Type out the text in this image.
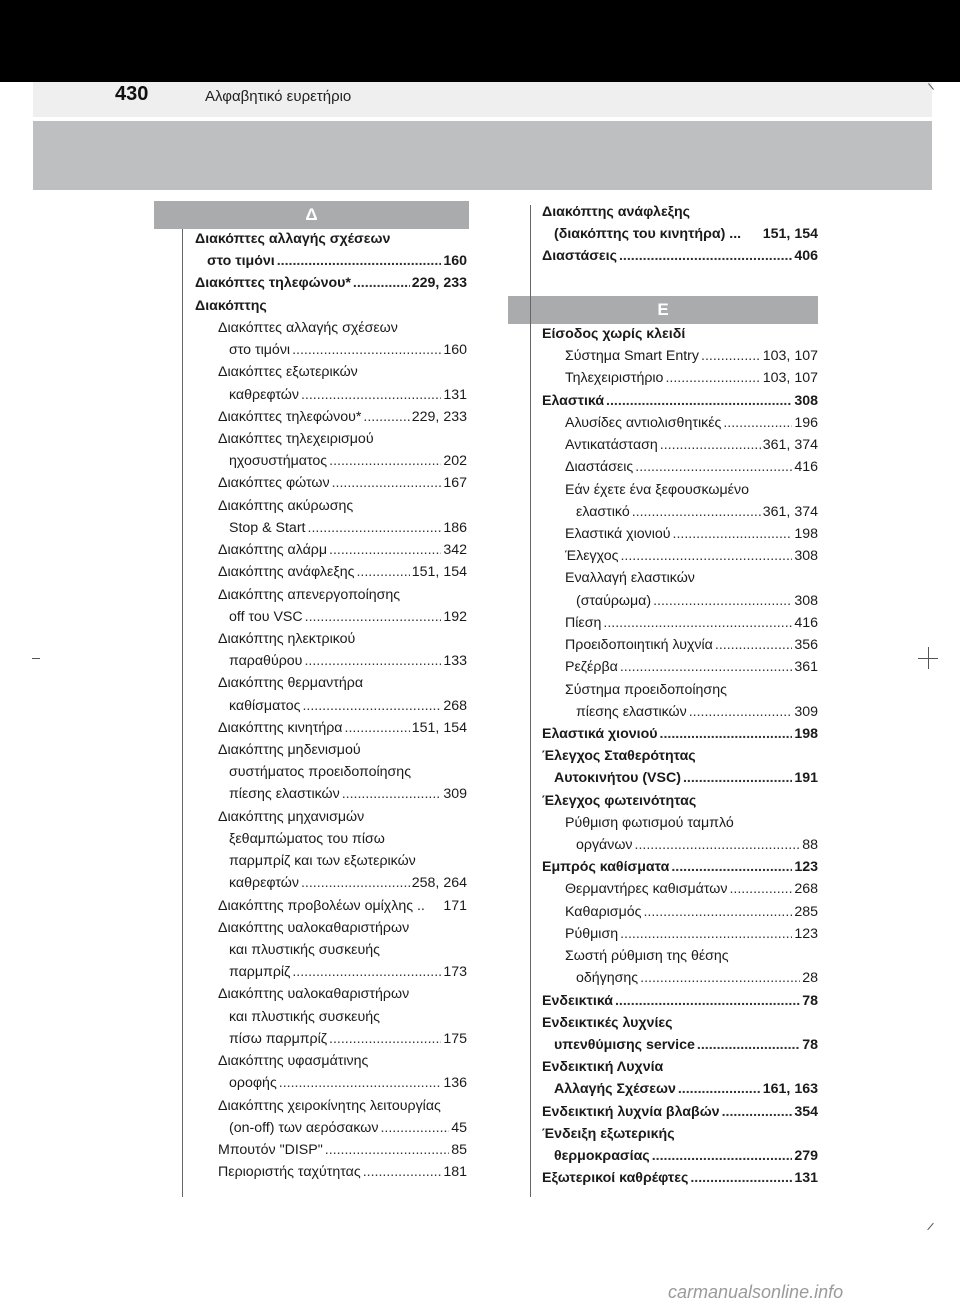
430	Αλφαβητικό ευρετήριο
Δ
Ε
Διακόπτες αλλαγής σχέσεων
στο τιμόνι .....	160
Διακόπτες τηλεφώνου* .....	229, 233
Διακόπτης
Διακόπτες αλλαγής σχέσεων
στο τιμόνι .....	160
Διακόπτες εξωτερικών
καθρεφτών .....	131
Διακόπτες τηλεφώνου* .....	229, 233
Διακόπτες τηλεχειρισμού
ηχοσυστήματος .....	202
Διακόπτες φώτων .....	167
Διακόπτης ακύρωσης
Stop & Start .....	186
Διακόπτης αλάρμ .....	342
Διακόπτης ανάφλεξης .....	151, 154
Διακόπτης απενεργοποίησης
off του VSC .....	192
Διακόπτης ηλεκτρικού
παραθύρου .....	133
Διακόπτης θερμαντήρα
καθίσματος .....	268
Διακόπτης κινητήρα .....	151, 154
Διακόπτης μηδενισμού
συστήματος προειδοποίησης
πίεσης ελαστικών .....	309
Διακόπτης μηχανισμών
ξεθαμπώματος του πίσω
παρμπρίζ και των εξωτερικών
καθρεφτών .....	258, 264
Διακόπτης προβολέων ομίχλης .. 171
Διακόπτης υαλοκαθαριστήρων
και πλυστικής συσκευής
παρμπρίζ .....	173
Διακόπτης υαλοκαθαριστήρων
και πλυστικής συσκευής
πίσω παρμπρίζ .....	175
Διακόπτης υφασμάτινης
οροφής .....	136
Διακόπτης χειροκίνητης λειτουργίας
(on-off) των αερόσακων .....	45
Μπουτόν "DISP" .....	85
Περιοριστής ταχύτητας .....	181
Διακόπτης ανάφλεξης
(διακόπτης του κινητήρα) ... 151, 154
Διαστάσεις .....	406
Είσοδος χωρίς κλειδί
Σύστημα Smart Entry .....	103, 107
Τηλεχειριστήριο .....	103, 107
Ελαστικά .....	308
Αλυσίδες αντιολισθητικές .....	196
Αντικατάσταση .....	361, 374
Διαστάσεις .....	416
Εάν έχετε ένα ξεφουσκωμένο
ελαστικό .....	361, 374
Ελαστικά χιονιού .....	198
Έλεγχος .....	308
Εναλλαγή ελαστικών
(σταύρωμα) .....	308
Πίεση .....	416
Προειδοποιητική λυχνία .....	356
Ρεζέρβα .....	361
Σύστημα προειδοποίησης
πίεσης ελαστικών .....	309
Ελαστικά χιονιού .....	198
Έλεγχος Σταθερότητας
Αυτοκινήτου (VSC) .....	191
Έλεγχος φωτεινότητας
Ρύθμιση φωτισμού ταμπλό
οργάνων .....	88
Εμπρός καθίσματα .....	123
Θερμαντήρες καθισμάτων .....	268
Καθαρισμός .....	285
Ρύθμιση .....	123
Σωστή ρύθμιση της θέσης
οδήγησης .....	28
Ενδεικτικά .....	78
Ενδεικτικές λυχνίες
υπενθύμισης service .....	78
Ενδεικτική Λυχνία
Αλλαγής Σχέσεων .....	161, 163
Ενδεικτική λυχνία βλαβών .....	354
Ένδειξη εξωτερικής
θερμοκρασίας .....	279
Εξωτερικοί καθρέφτες .....	131
carmanualsonline.info
